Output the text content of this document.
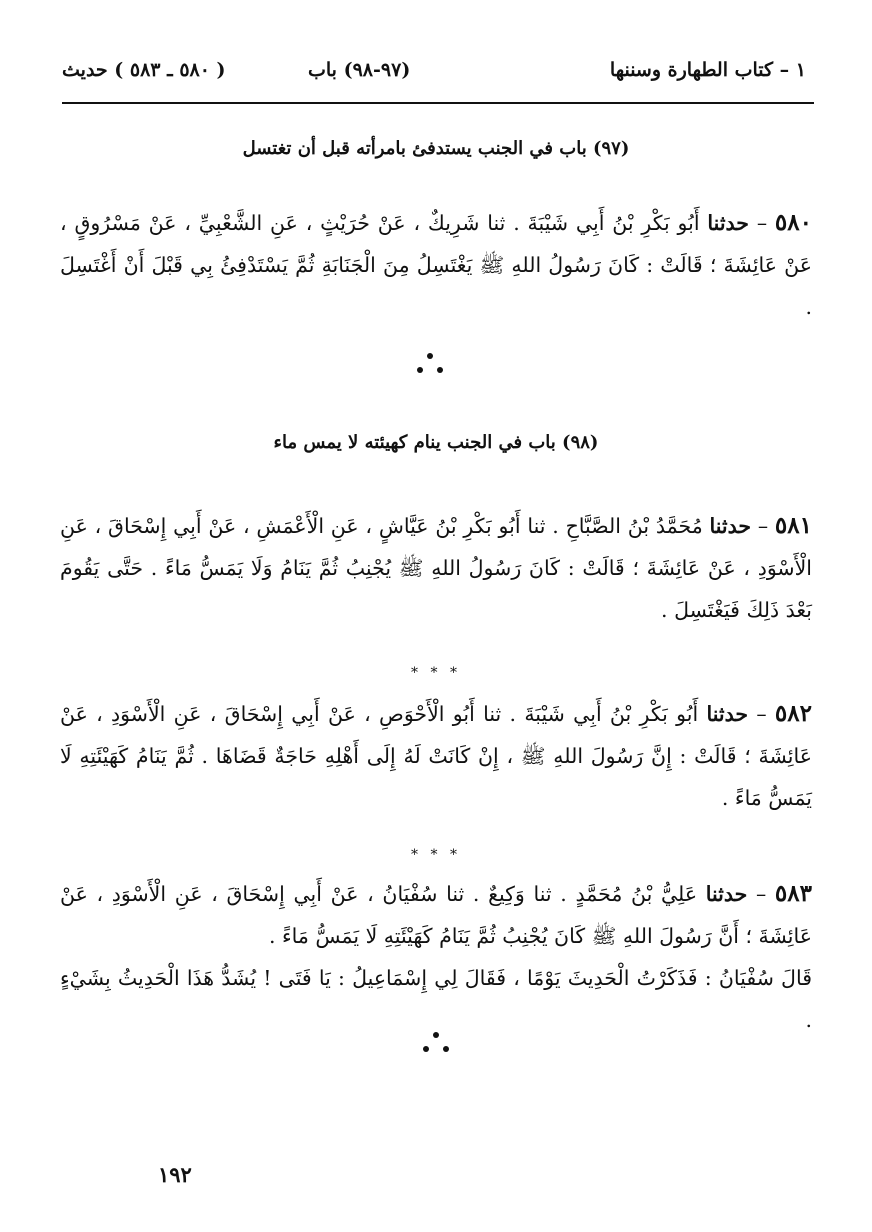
١ – كتاب الطهارة وسننها
(٩٧-٩٨) باب
( ٥٨٠ ـ ٥٨٣ ) حديث
(٩٧) باب في الجنب يستدفئ بامرأته قبل أن تغتسل
٥٨٠ – حدثنا أَبُو بَكْرِ بْنُ أَبِي شَيْبَةَ . ثنا شَرِيكٌ ، عَنْ حُرَيْثٍ ، عَنِ الشَّعْبِيِّ ، عَنْ مَسْرُوقٍ ، عَنْ عَائِشَةَ ؛ قَالَتْ : كَانَ رَسُولُ اللهِ ﷺ يَغْتَسِلُ مِنَ الْجَنَابَةِ ثُمَّ يَسْتَدْفِئُ بِي قَبْلَ أَنْ أَغْتَسِلَ .
(٩٨) باب في الجنب ينام كهيئته لا يمس ماء
٥٨١ – حدثنا مُحَمَّدُ بْنُ الصَّبَّاحِ . ثنا أَبُو بَكْرِ بْنُ عَيَّاشٍ ، عَنِ الْأَعْمَشِ ، عَنْ أَبِي إِسْحَاقَ ، عَنِ الْأَسْوَدِ ، عَنْ عَائِشَةَ ؛ قَالَتْ : كَانَ رَسُولُ اللهِ ﷺ يُجْنِبُ ثُمَّ يَنَامُ وَلَا يَمَسُّ مَاءً . حَتَّى يَقُومَ بَعْدَ ذَلِكَ فَيَغْتَسِلَ .
* * *
٥٨٢ – حدثنا أَبُو بَكْرِ بْنُ أَبِي شَيْبَةَ . ثنا أَبُو الْأَحْوَصِ ، عَنْ أَبِي إِسْحَاقَ ، عَنِ الْأَسْوَدِ ، عَنْ عَائِشَةَ ؛ قَالَتْ : إِنَّ رَسُولَ اللهِ ﷺ ، إِنْ كَانَتْ لَهُ إِلَى أَهْلِهِ حَاجَةٌ قَضَاهَا . ثُمَّ يَنَامُ كَهَيْئَتِهِ لَا يَمَسُّ مَاءً .
* * *
٥٨٣ – حدثنا عَلِيُّ بْنُ مُحَمَّدٍ . ثنا وَكِيعٌ . ثنا سُفْيَانُ ، عَنْ أَبِي إِسْحَاقَ ، عَنِ الْأَسْوَدِ ، عَنْ عَائِشَةَ ؛ أَنَّ رَسُولَ اللهِ ﷺ كَانَ يُجْنِبُ ثُمَّ يَنَامُ كَهَيْئَتِهِ لَا يَمَسُّ مَاءً .
قَالَ سُفْيَانُ : فَذَكَرْتُ الْحَدِيثَ يَوْمًا ، فَقَالَ لِي إِسْمَاعِيلُ : يَا فَتَى ! يُشَدُّ هَذَا الْحَدِيثُ بِشَيْءٍ .
١٩٢
